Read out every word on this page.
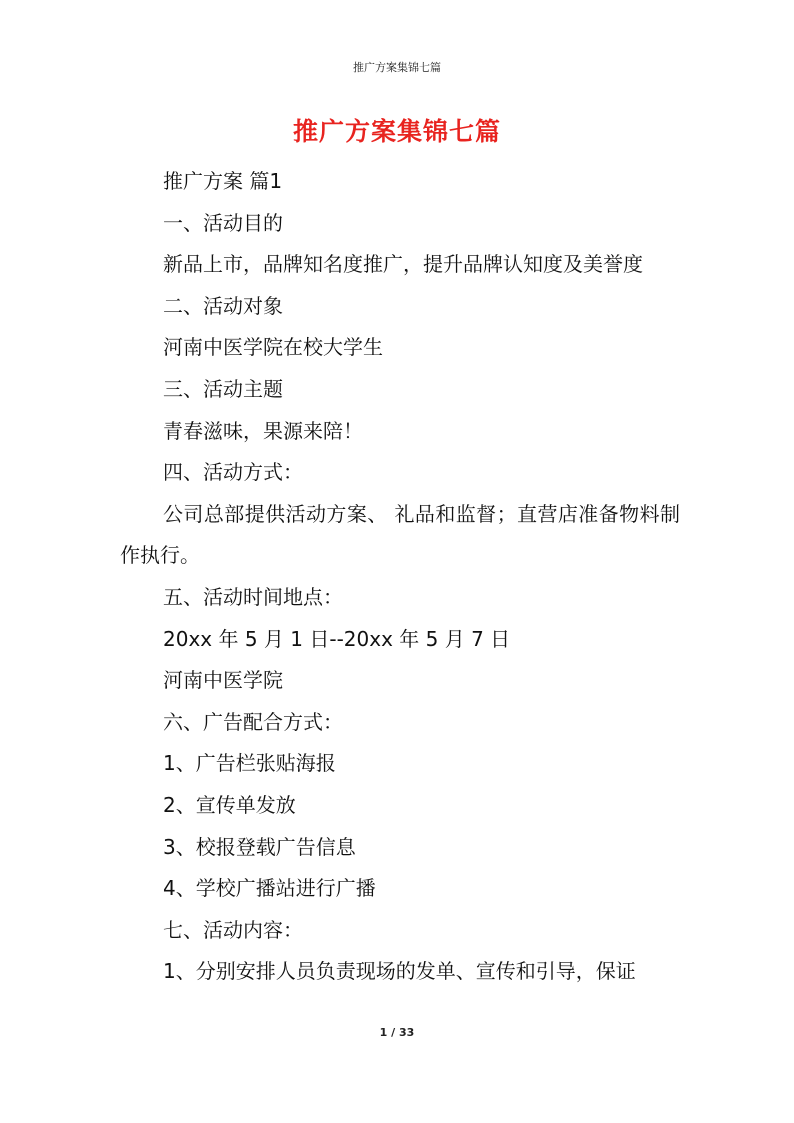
推广方案集锦七篇
推广方案集锦七篇

推广方案 篇1

一、活动目的

新品上市，品牌知名度推广，提升品牌认知度及美誉度

二、活动对象

河南中医学院在校大学生

三、活动主题

青春滋味，果源来陪！

四、活动方式：

公司总部提供活动方案、 礼品和监督；直营店准备物料制作执行。

五、活动时间地点：

20xx 年 5 月 1 日--20xx 年 5 月 7 日

河南中医学院

六、广告配合方式：

1、广告栏张贴海报

2、宣传单发放

3、校报登载广告信息

4、学校广播站进行广播

七、活动内容：

1、分别安排人员负责现场的发单、宣传和引导，保证

1 / 33
